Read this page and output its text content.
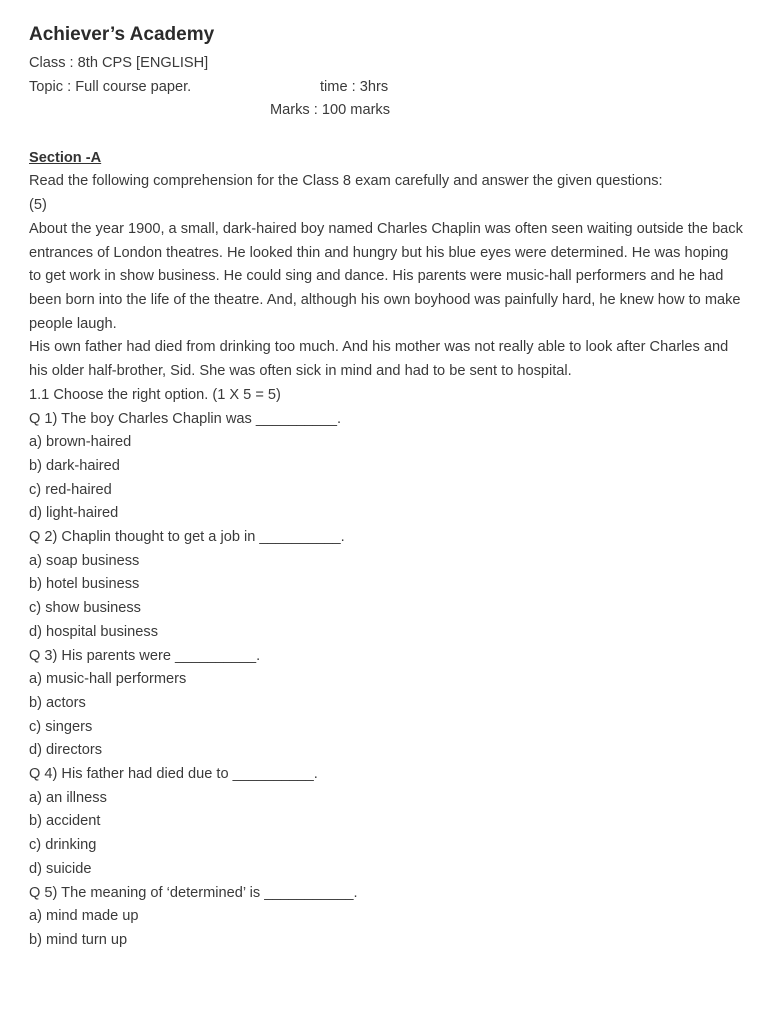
Achiever’s Academy
Class : 8th CPS [ENGLISH]
Topic : Full course paper.	time : 3hrs
Marks : 100 marks
Section -A
Read the following comprehension for the Class 8 exam carefully and answer the given questions:
(5)

About the year 1900, a small, dark-haired boy named Charles Chaplin was often seen waiting outside the back entrances of London theatres. He looked thin and hungry but his blue eyes were determined. He was hoping to get work in show business. He could sing and dance. His parents were music-hall performers and he had been born into the life of the theatre. And, although his own boyhood was painfully hard, he knew how to make people laugh.

His own father had died from drinking too much. And his mother was not really able to look after Charles and his older half-brother, Sid. She was often sick in mind and had to be sent to hospital.

1.1 Choose the right option. (1 X 5 = 5)
Q 1) The boy Charles Chaplin was __________.
a) brown-haired
b) dark-haired
c) red-haired
d) light-haired
Q 2) Chaplin thought to get a job in __________.
a) soap business
b) hotel business
c) show business
d) hospital business
Q 3) His parents were __________.
a) music-hall performers
b) actors
c) singers
d) directors
Q 4) His father had died due to __________.
a) an illness
b) accident
c) drinking
d) suicide
Q 5) The meaning of ‘determined’ is ___________.
a) mind made up
b) mind turn up
